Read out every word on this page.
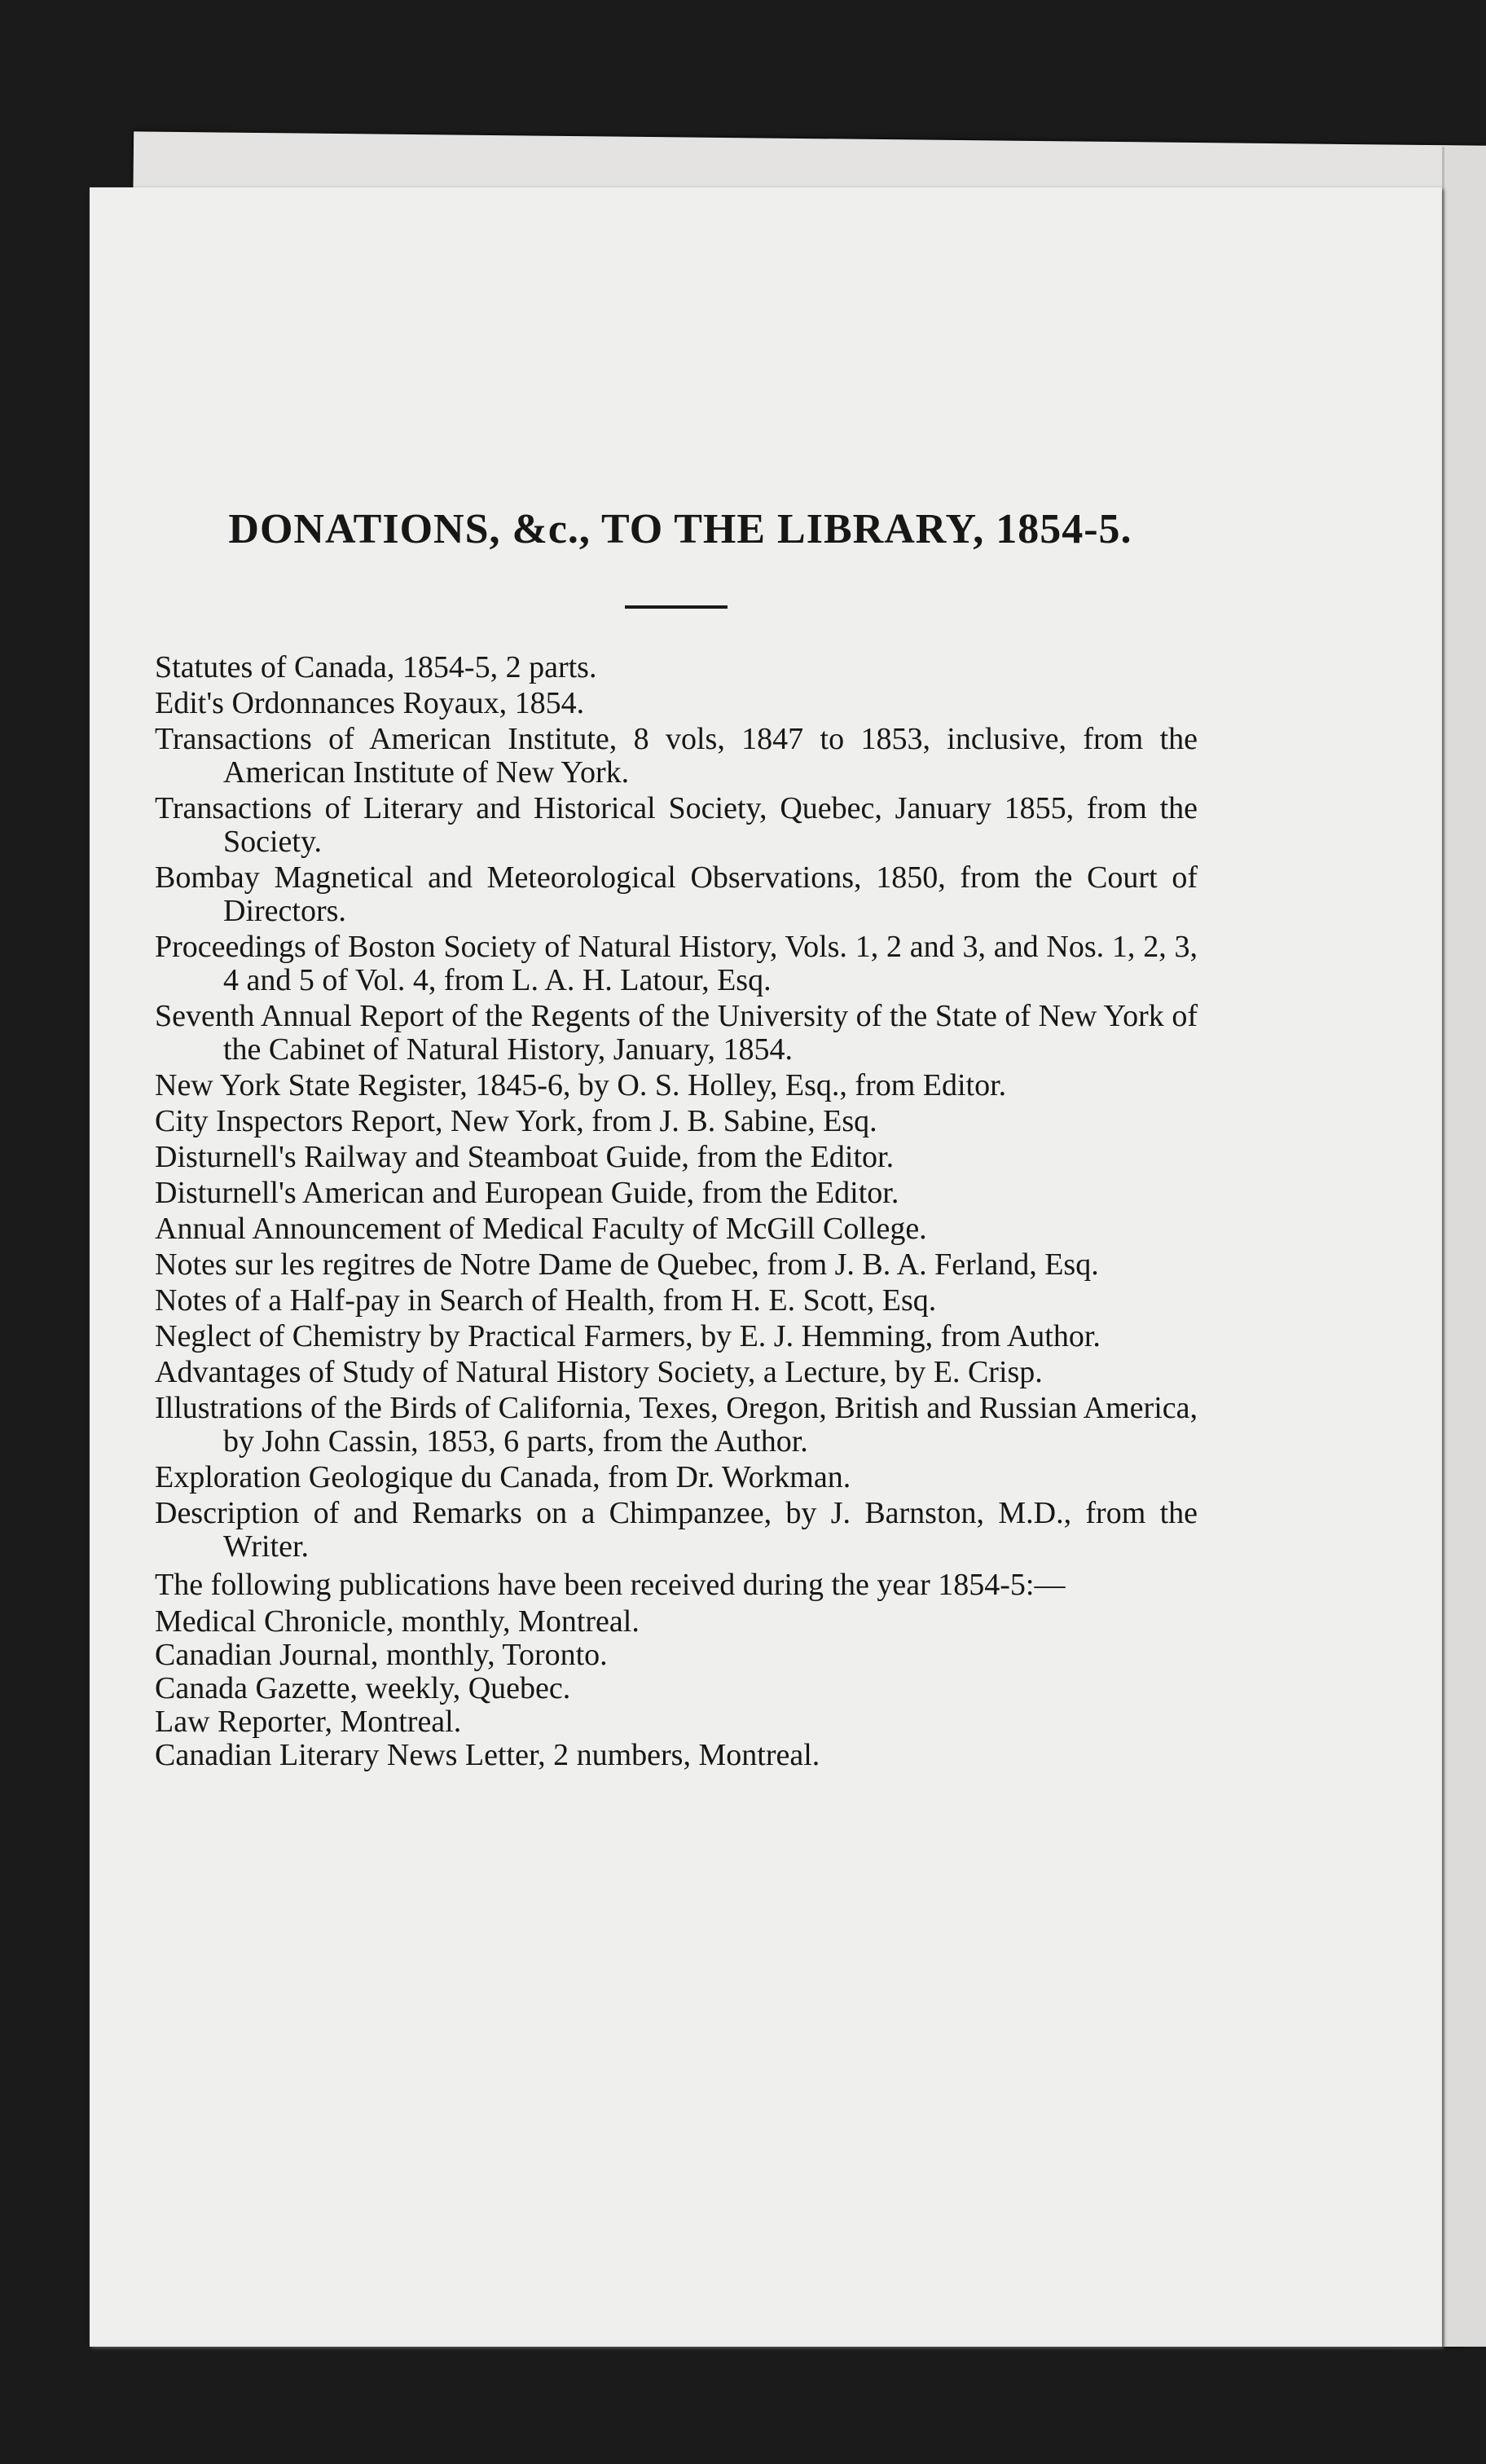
DONATIONS, &c., TO THE LIBRARY, 1854-5.
Statutes of Canada, 1854-5, 2 parts.
Edit's Ordonnances Royaux, 1854.
Transactions of American Institute, 8 vols, 1847 to 1853, inclusive, from the American Institute of New York.
Transactions of Literary and Historical Society, Quebec, January 1855, from the Society.
Bombay Magnetical and Meteorological Observations, 1850, from the Court of Directors.
Proceedings of Boston Society of Natural History, Vols. 1, 2 and 3, and Nos. 1, 2, 3, 4 and 5 of Vol. 4, from L. A. H. Latour, Esq.
Seventh Annual Report of the Regents of the University of the State of New York of the Cabinet of Natural History, January, 1854.
New York State Register, 1845-6, by O. S. Holley, Esq., from Editor.
City Inspectors Report, New York, from J. B. Sabine, Esq.
Disturnell's Railway and Steamboat Guide, from the Editor.
Disturnell's American and European Guide, from the Editor.
Annual Announcement of Medical Faculty of McGill College.
Notes sur les regitres de Notre Dame de Quebec, from J. B. A. Ferland, Esq.
Notes of a Half-pay in Search of Health, from H. E. Scott, Esq.
Neglect of Chemistry by Practical Farmers, by E. J. Hemming, from Author.
Advantages of Study of Natural History Society, a Lecture, by E. Crisp.
Illustrations of the Birds of California, Texes, Oregon, British and Russian America, by John Cassin, 1853, 6 parts, from the Author.
Exploration Geologique du Canada, from Dr. Workman.
Description of and Remarks on a Chimpanzee, by J. Barnston, M.D., from the Writer.

The following publications have been received during the year 1854-5:—

Medical Chronicle, monthly, Montreal.
Canadian Journal, monthly, Toronto.
Canada Gazette, weekly, Quebec.
Law Reporter, Montreal.
Canadian Literary News Letter, 2 numbers, Montreal.
